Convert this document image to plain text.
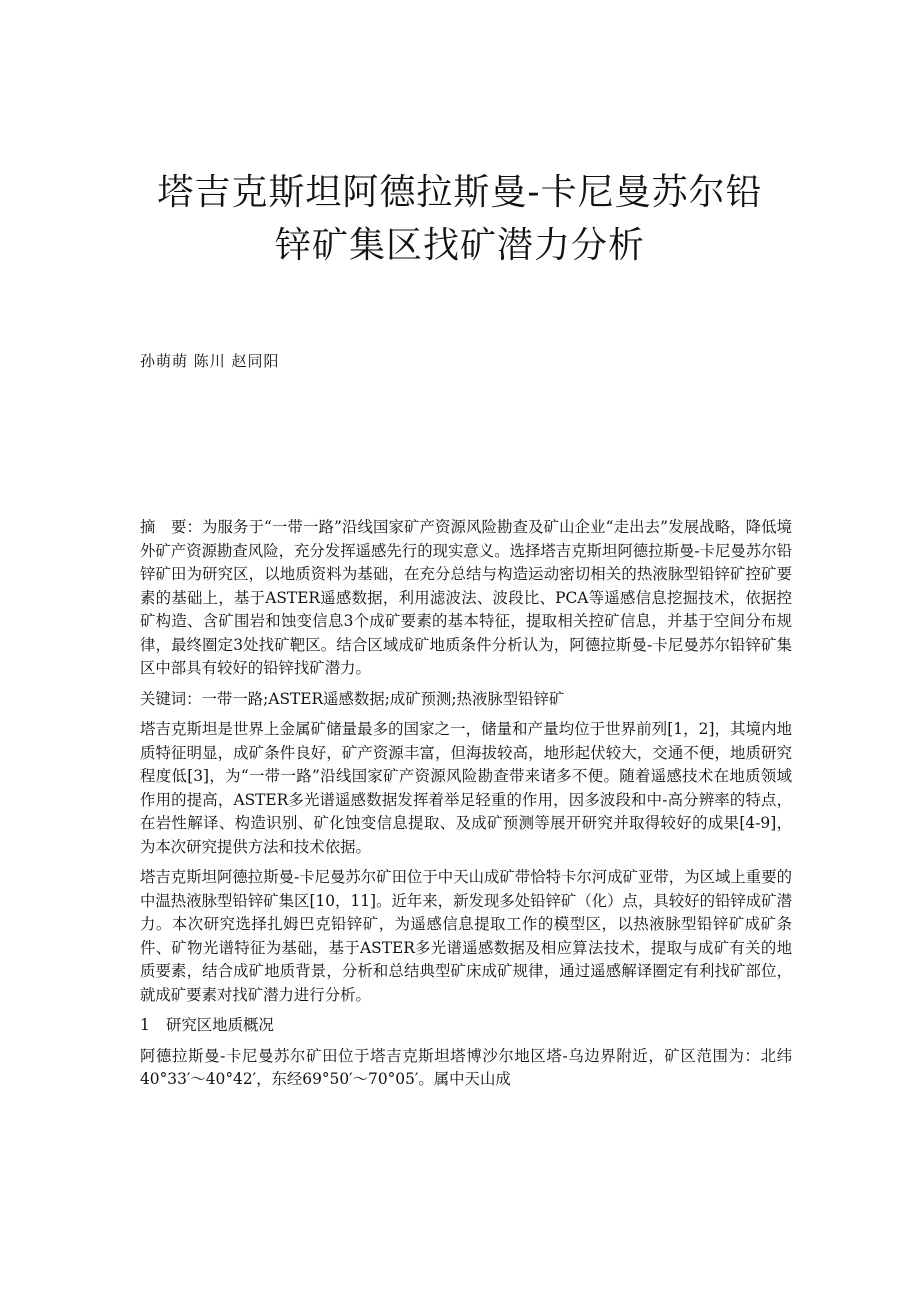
塔吉克斯坦阿德拉斯曼-卡尼曼苏尔铅
锌矿集区找矿潜力分析
孙萌萌 陈川 赵同阳

摘　要：为服务于“一带一路”沿线国家矿产资源风险勘查及矿山企业“走出去”发展战略，降低境外矿产资源勘查风险，充分发挥遥感先行的现实意义。选择塔吉克斯坦阿德拉斯曼-卡尼曼苏尔铅锌矿田为研究区，以地质资料为基础，在充分总结与构造运动密切相关的热液脉型铅锌矿控矿要素的基础上，基于ASTER遥感数据，利用滤波法、波段比、PCA等遥感信息挖掘技术，依据控矿构造、含矿围岩和蚀变信息3个成矿要素的基本特征，提取相关控矿信息，并基于空间分布规律，最终圈定3处找矿靶区。结合区域成矿地质条件分析认为，阿德拉斯曼-卡尼曼苏尔铅锌矿集区中部具有较好的铅锌找矿潜力。

关键词：一带一路;ASTER遥感数据;成矿预测;热液脉型铅锌矿

塔吉克斯坦是世界上金属矿储量最多的国家之一，储量和产量均位于世界前列[1，2]，其境内地质特征明显，成矿条件良好，矿产资源丰富，但海拔较高，地形起伏较大，交通不便，地质研究程度低[3]，为“一带一路”沿线国家矿产资源风险勘查带来诸多不便。随着遥感技术在地质领域作用的提高，ASTER多光谱遥感数据发挥着举足轻重的作用，因多波段和中-高分辨率的特点，在岩性解译、构造识别、矿化蚀变信息提取、及成矿预测等展开研究并取得较好的成果[4-9]，为本次研究提供方法和技术依据。

塔吉克斯坦阿德拉斯曼-卡尼曼苏尔矿田位于中天山成矿带恰特卡尔河成矿亚带，为区域上重要的中温热液脉型铅锌矿集区[10，11]。近年来，新发现多处铅锌矿（化）点，具较好的铅锌成矿潜力。本次研究选择扎姆巴克铅锌矿，为遥感信息提取工作的模型区，以热液脉型铅锌矿成矿条件、矿物光谱特征为基础，基于ASTER多光谱遥感数据及相应算法技术，提取与成矿有关的地质要素，结合成矿地质背景，分析和总结典型矿床成矿规律，通过遥感解译圈定有利找矿部位，就成矿要素对找矿潜力进行分析。

1 研究区地质概况

阿德拉斯曼-卡尼曼苏尔矿田位于塔吉克斯坦塔博沙尔地区塔-乌边界附近，矿区范围为：北纬40°33′～40°42′，东经69°50′～70°05′。属中天山成
